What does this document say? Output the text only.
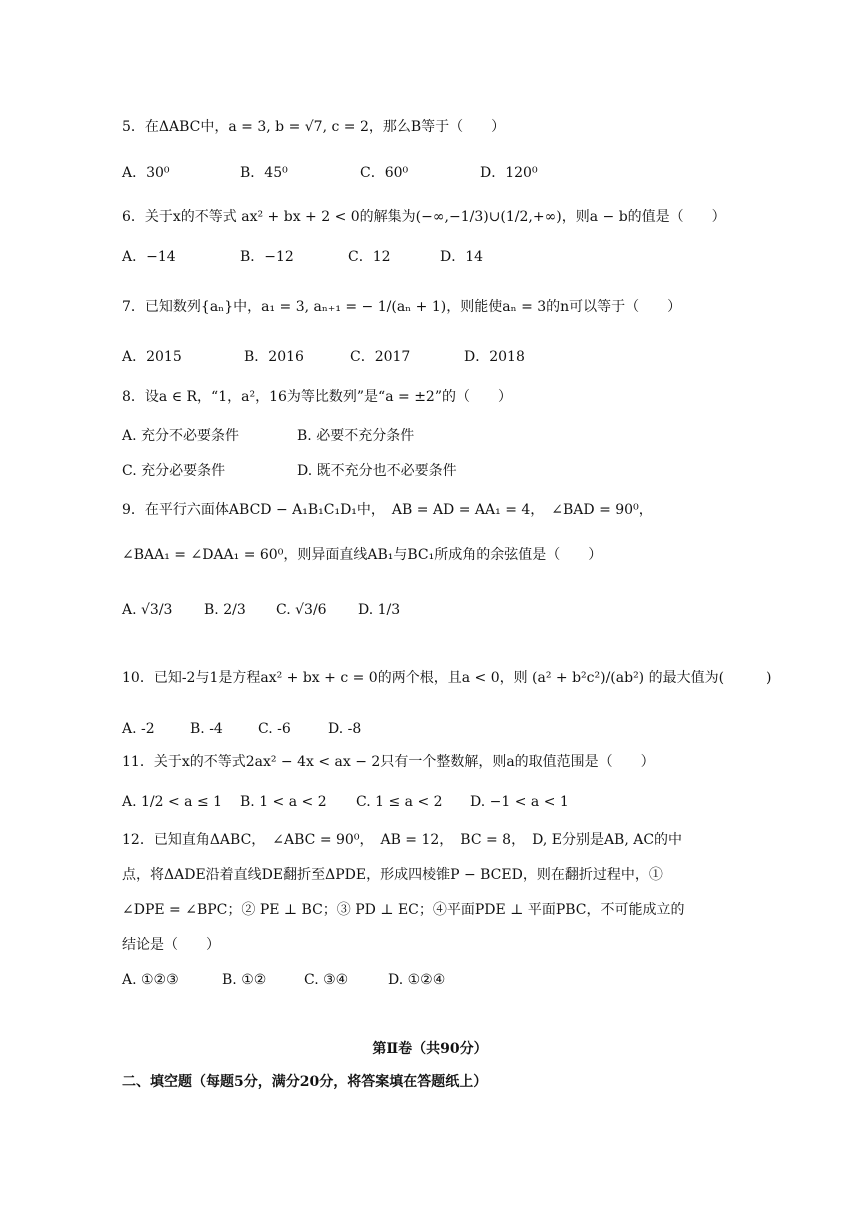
5．在ΔABC中，a = 3, b = √7, c = 2，那么B等于（　　）
A．30⁰	B．45⁰	C．60⁰	D．120⁰
6．关于x的不等式 ax² + bx + 2 < 0的解集为(−∞,−1/3)∪(1/2,+∞)，则a − b的值是（　　）
A．−14	B．−12	C．12	D．14
7．已知数列{aₙ}中，a₁ = 3, aₙ₊₁ = − 1/(aₙ + 1)，则能使aₙ = 3的n可以等于（　　）
A．2015	B．2016	C．2017	D．2018
8．设a ∈ R，“1，a²，16为等比数列”是“a = ±2”的（　　）
A. 充分不必要条件	B. 必要不充分条件
C. 充分必要条件	D. 既不充分也不必要条件
9．在平行六面体ABCD − A₁B₁C₁D₁中，　AB = AD = AA₁ = 4，　∠BAD = 90⁰，
∠BAA₁ = ∠DAA₁ = 60⁰，则异面直线AB₁与BC₁所成角的余弦值是（　　）
A. √3/3 B. 2/3 C. √3/6 D. 1/3
10．已知-2与1是方程ax² + bx + c = 0的两个根，且a < 0，则 (a² + b²c²)/(ab²) 的最大值为(　　　)
A. -2	B. -4	C. -6	D. -8
11．关于x的不等式2ax² − 4x < ax − 2只有一个整数解，则a的取值范围是（　　）
A. 1/2 < a ≤ 1 B. 1 < a < 2 C. 1 ≤ a < 2 D. −1 < a < 1
12．已知直角ΔABC，　∠ABC = 90⁰，　AB = 12，　BC = 8，　D, E分别是AB, AC的中
点，将ΔADE沿着直线DE翻折至ΔPDE，形成四棱锥P − BCED，则在翻折过程中，①
∠DPE = ∠BPC；② PE ⊥ BC；③ PD ⊥ EC；④平面PDE ⊥ 平面PBC，不可能成立的
结论是（　　）
A. ①②③	B. ①②	C. ③④	D. ①②④
第Ⅱ卷（共90分）
二、填空题（每题5分，满分20分，将答案填在答题纸上）
